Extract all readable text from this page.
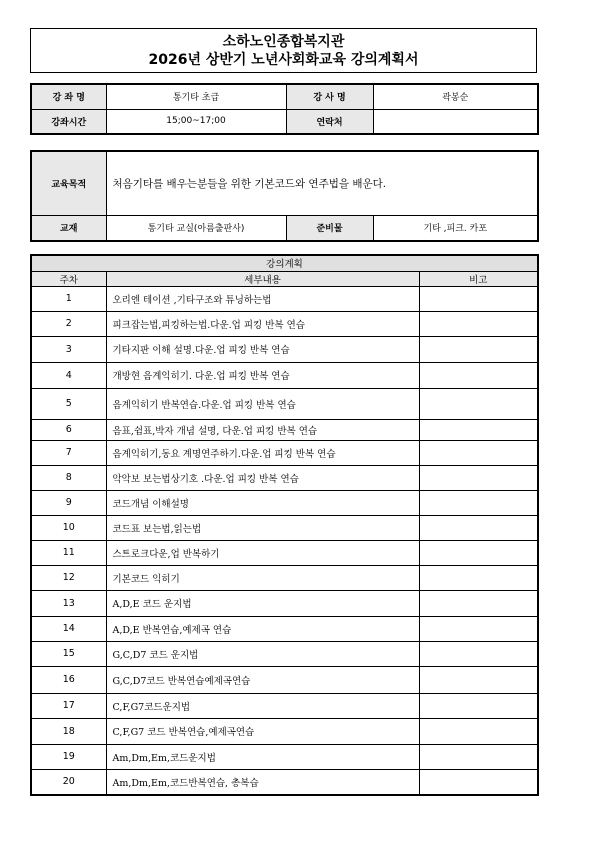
소하노인종합복지관
2026년 상반기 노년사회화교육 강의계획서
강 좌 명	통기타 초급	강 사 명	곽봉순
강좌시간	15;00~17;00	연락처	
교육목적	처음기타를 배우는분들을 위한 기본코드와 연주법을 배운다.		
교재	통기타 교실(아름출판사)	준비물	기타 ,피크. 카포
강의계획		
주차	세부내용	비고
1	오리엔 테이션 ,기타구조와 튜닝하는법	
2	피크잡는법,피킹하는법.다운.업 피킹 반복 연습	
3	기타지판 이해 설명.다운.업 피킹 반복 연습	
4	개방현 음계익히기. 다운.업 피킹 반복 연습	
5	음계익히기 반복연습.다운.업 피킹 반복 연습	
6	음표,쉼표,박자 개념 설명, 다운.업 피킹 반복 연습	
7	음계익히기,동요 계명연주하기.다운.업 피킹 반복 연습	
8	악악보 보는법상기호 .다운.업 피킹 반복 연습	
9	코드개념 이해설명	
10	코드표 보는법,읽는법	
11	스트로크다운,업 반복하기	
12	기본코드 익히기	
13	A,D,E 코드 운지법	
14	A,D,E 반복연습,예제곡 연습	
15	G,C,D7 코드 운지법	
16	G,C,D7코드 반복연습예제곡연습	
17	C,F,G7코드운지법	
18	C,F,G7 코드 반복연습,예제곡연습	
19	Am,Dm,Em,코드운지법	
20	Am,Dm,Em,코드반복연습, 총복습	
